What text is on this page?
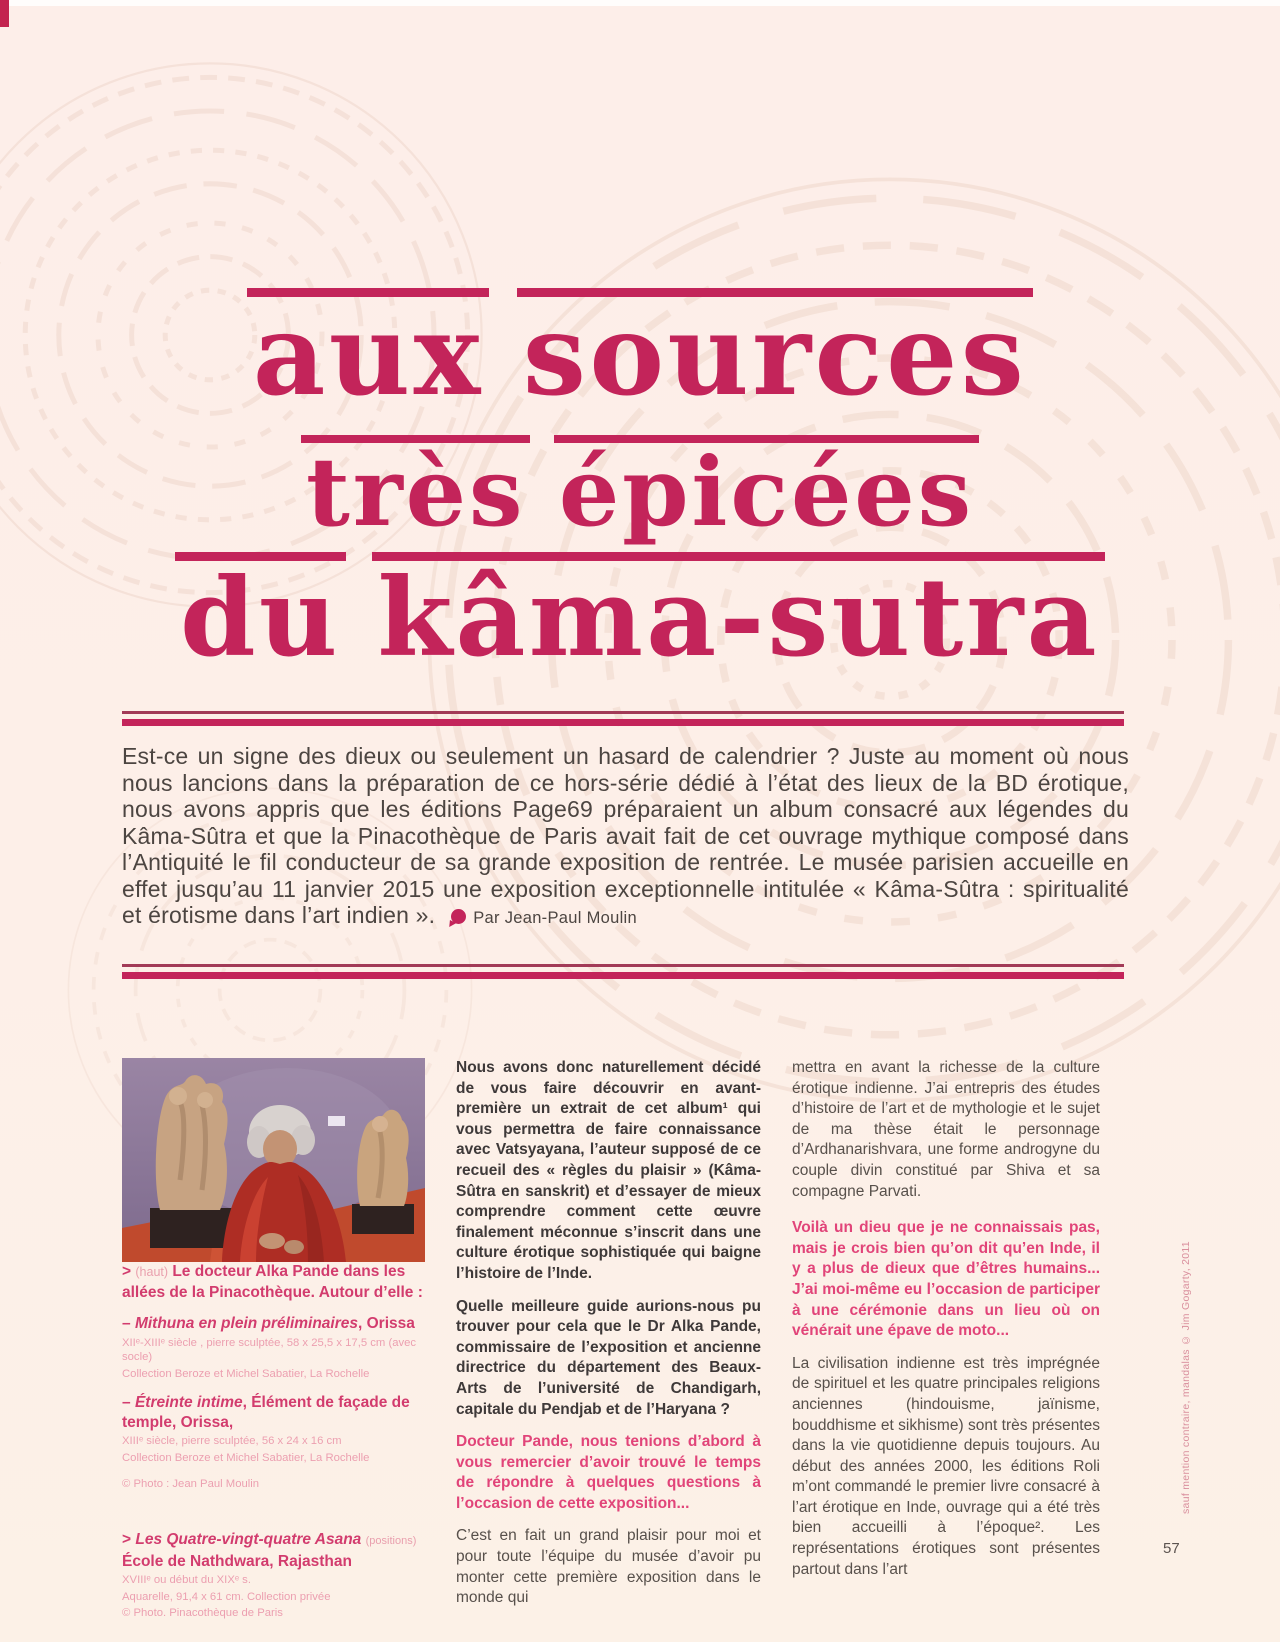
aux sources
très épicées
du kâma-sutra
Est-ce un signe des dieux ou seulement un hasard de calendrier ? Juste au moment où nous nous lancions dans la préparation de ce hors-série dédié à l’état des lieux de la BD érotique, nous avons appris que les éditions Page69 préparaient un album consacré aux légendes du Kâma-Sûtra et que la Pinacothèque de Paris avait fait de cet ouvrage mythique composé dans l’Antiquité le fil conducteur de sa grande exposition de rentrée. Le musée parisien accueille en effet jusqu’au 11 janvier 2015 une exposition exceptionnelle intitulée « Kâma-Sûtra : spiritualité et érotisme dans l’art indien ». Par Jean-Paul Moulin

> (haut) Le docteur Alka Pande dans les allées de la Pinacothèque. Autour d’elle :

– Mithuna en plein préliminaires, Orissa
XIIᵉ-XIIIᵉ siècle , pierre sculptée, 58 x 25,5 x 17,5 cm (avec socle)
Collection Beroze et Michel Sabatier, La Rochelle

– Étreinte intime, Élément de façade de temple, Orissa,
XIIIᵉ siècle, pierre sculptée, 56 x 24 x 16 cm
Collection Beroze et Michel Sabatier, La Rochelle

© Photo : Jean Paul Moulin

> Les Quatre-vingt-quatre Asana (positions)
École de Nathdwara, Rajasthan
XVIIIᵉ ou début du XIXᵉ s.
Aquarelle, 91,4 x 61 cm. Collection privée
© Photo. Pinacothèque de Paris

Nous avons donc naturellement décidé de vous faire découvrir en avant-première un extrait de cet album¹ qui vous permettra de faire connaissance avec Vatsyayana, l’auteur supposé de ce recueil des « règles du plaisir » (Kâma-Sûtra en sanskrit) et d’essayer de mieux comprendre comment cette œuvre finalement méconnue s’inscrit dans une culture érotique sophistiquée qui baigne l’histoire de l’Inde.

Quelle meilleure guide aurions-nous pu trouver pour cela que le Dr Alka Pande, commissaire de l’exposition et ancienne directrice du département des Beaux-Arts de l’université de Chandigarh, capitale du Pendjab et de l’Haryana ?

Docteur Pande, nous tenions d’abord à vous remercier d’avoir trouvé le temps de répondre à quelques questions à l’occasion de cette exposition...

C’est en fait un grand plaisir pour moi et pour toute l’équipe du musée d’avoir pu monter cette première exposition dans le monde qui

mettra en avant la richesse de la culture érotique indienne. J’ai entrepris des études d’histoire de l’art et de mythologie et le sujet de ma thèse était le personnage d’Ardhanarishvara, une forme androgyne du couple divin constitué par Shiva et sa compagne Parvati.

Voilà un dieu que je ne connaissais pas, mais je crois bien qu’on dit qu’en Inde, il y a plus de dieux que d’êtres humains... J’ai moi-même eu l’occasion de participer à une cérémonie dans un lieu où on vénérait une épave de moto...

La civilisation indienne est très imprégnée de spirituel et les quatre principales religions anciennes (hindouisme, jaïnisme, bouddhisme et sikhisme) sont très présentes dans la vie quotidienne depuis toujours. Au début des années 2000, les éditions Roli m’ont commandé le premier livre consacré à l’art érotique en Inde, ouvrage qui a été très bien accueilli à l’époque². Les représentations érotiques sont présentes partout dans l’art

sauf mention contraire, mandalas © Jim Gogarty, 2011
57
